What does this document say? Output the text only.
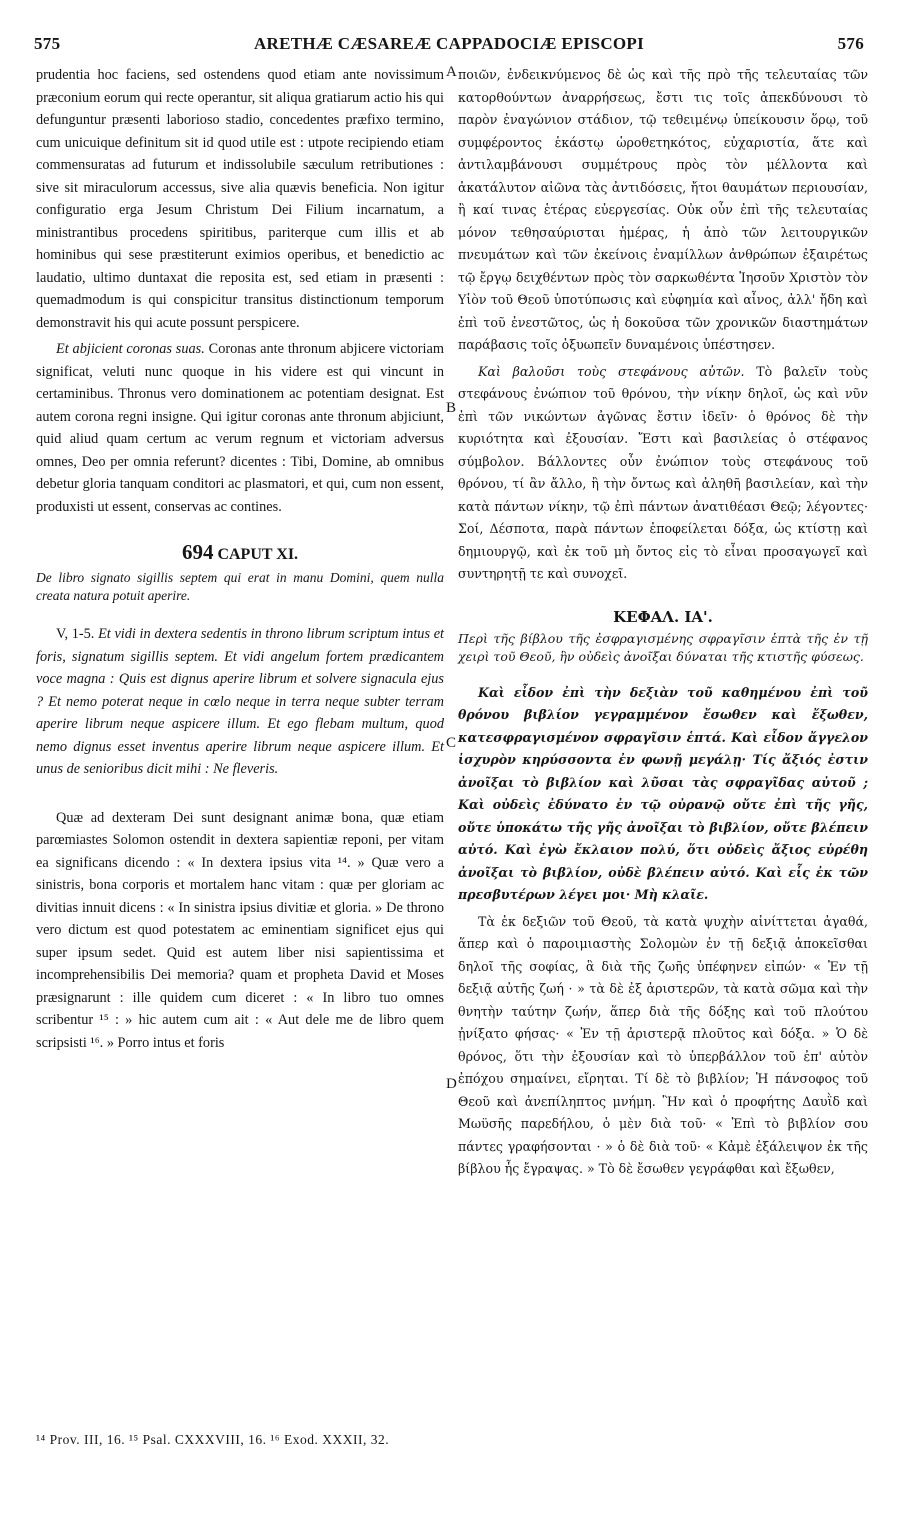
575	ARETHÆ CÆSAREÆ CAPPADOCIÆ EPISCOPI	576
A
B
C
D

prudentia hoc faciens, sed ostendens quod etiam ante novissimum præconium eorum qui recte operantur, sit aliqua gratiarum actio his qui defunguntur præsenti laborioso stadio, concedentes præfixo termino, cum unicuique definitum sit id quod utile est : utpote recipiendo etiam commensuratas ad futurum et indissolubile sæculum retributiones : sive sit miraculorum accessus, sive alia quævis beneficia. Non igitur configuratio erga Jesum Christum Dei Filium incarnatum, a ministrantibus procedens spiritibus, pariterque cum illis et ab hominibus qui sese præstiterunt eximios operibus, et benedictio ac laudatio, ultimo duntaxat die reposita est, sed etiam in præsenti : quemadmodum is qui conspicitur transitus distinctionum temporum demonstravit his qui acute possunt perspicere.

Et abjicient coronas suas. Coronas ante thronum abjicere victoriam significat, veluti nunc quoque in his videre est qui vincunt in certaminibus. Thronus vero dominationem ac potentiam designat. Est autem corona regni insigne. Qui igitur coronas ante thronum abjiciunt, quid aliud quam certum ac verum regnum et victoriam adversus omnes, Deo per omnia referunt? dicentes : Tibi, Domine, ab omnibus debetur gloria tanquam conditori ac plasmatori, et qui, cum non essent, produxisti ut essent, conservas ac contines.

694 CAPUT XI.

De libro signato sigillis septem qui erat in manu Domini, quem nulla creata natura potuit aperire.

V, 1-5. Et vidi in dextera sedentis in throno librum scriptum intus et foris, signatum sigillis septem. Et vidi angelum fortem prædicantem voce magna : Quis est dignus aperire librum et solvere signacula ejus ? Et nemo poterat neque in cœlo neque in terra neque subter terram aperire librum neque aspicere illum. Et ego flebam multum, quod nemo dignus esset inventus aperire librum neque aspicere illum. Et unus de senioribus dicit mihi : Ne fleveris.

Quæ ad dexteram Dei sunt designant animæ bona, quæ etiam parœmiastes Solomon ostendit in dextera sapientiæ reponi, per vitam ea significans dicendo : « In dextera ipsius vita ¹⁴. » Quæ vero a sinistris, bona corporis et mortalem hanc vitam : quæ per gloriam ac divitias innuit dicens : « In sinistra ipsius divitiæ et gloria. » De throno vero dictum est quod potestatem ac eminentiam significet ejus qui super ipsum sedet. Quid est autem liber nisi sapientissima et incomprehensibilis Dei memoria? quam et propheta David et Moses præsignarunt : ille quidem cum diceret : « In libro tuo omnes scribentur ¹⁵ : » hic autem cum ait : « Aut dele me de libro quem scripsisti ¹⁶. » Porro intus et foris

ποιῶν, ἐνδεικνύμενος δὲ ὡς καὶ τῆς πρὸ τῆς τελευταίας τῶν κατορθούντων ἀναρρήσεως, ἔστι τις τοῖς ἀπεκδύνουσι τὸ παρὸν ἐναγώνιον στάδιον, τῷ τεθειμένῳ ὑπείκουσιν ὅρῳ, τοῦ συμφέροντος ἑκάστῳ ὡροθετηκότος, εὐχαριστία, ἅτε καὶ ἀντιλαμβάνουσι συμμέτρους πρὸς τὸν μέλλοντα καὶ ἀκατάλυτον αἰῶνα τὰς ἀντιδόσεις, ἤτοι θαυμάτων περιουσίαν, ἢ καί τινας ἑτέρας εὐεργεσίας. Οὐκ οὖν ἐπὶ τῆς τελευταίας μόνον τεθησαύρισται ἡμέρας, ἡ ἀπὸ τῶν λειτουργικῶν πνευμάτων καὶ τῶν ἐκείνοις ἐναμίλλων ἀνθρώπων ἐξαιρέτως τῷ ἔργῳ δειχθέντων πρὸς τὸν σαρκωθέντα Ἰησοῦν Χριστὸν τὸν Υἱὸν τοῦ Θεοῦ ὑποτύπωσις καὶ εὐφημία καὶ αἶνος, ἀλλ' ἤδη καὶ ἐπὶ τοῦ ἐνεστῶτος, ὡς ἡ δοκοῦσα τῶν χρονικῶν διαστημάτων παράβασις τοῖς ὀξυωπεῖν δυναμένοις ὑπέστησεν.

Καὶ βαλοῦσι τοὺς στεφάνους αὐτῶν. Τὸ βαλεῖν τοὺς στεφάνους ἐνώπιον τοῦ θρόνου, τὴν νίκην δηλοῖ, ὡς καὶ νῦν ἐπὶ τῶν νικώντων ἀγῶνας ἔστιν ἰδεῖν· ὁ θρόνος δὲ τὴν κυριότητα καὶ ἐξουσίαν. Ἔστι καὶ βασιλείας ὁ στέφανος σύμβολον. Βάλλοντες οὖν ἐνώπιον τοὺς στεφάνους τοῦ θρόνου, τί ἂν ἄλλο, ἢ τὴν ὄντως καὶ ἀληθῆ βασιλείαν, καὶ τὴν κατὰ πάντων νίκην, τῷ ἐπὶ πάντων ἀνατιθέασι Θεῷ; λέγοντες· Σοί, Δέσποτα, παρὰ πάντων ἐποφείλεται δόξα, ὡς κτίστῃ καὶ δημιουργῷ, καὶ ἐκ τοῦ μὴ ὄντος εἰς τὸ εἶναι προσαγωγεῖ καὶ συντηρητῇ τε καὶ συνοχεῖ.

ΚΕΦΑΛ. ΙΑ'.

Περὶ τῆς βίβλου τῆς ἐσφραγισμένης σφραγῖσιν ἑπτὰ τῆς ἐν τῇ χειρὶ τοῦ Θεοῦ, ἣν οὐδεὶς ἀνοῖξαι δύναται τῆς κτιστῆς φύσεως.

Καὶ εἶδον ἐπὶ τὴν δεξιὰν τοῦ καθημένου ἐπὶ τοῦ θρόνου βιβλίον γεγραμμένον ἔσωθεν καὶ ἔξωθεν, κατεσφραγισμένον σφραγῖσιν ἑπτά. Καὶ εἶδον ἄγγελον ἰσχυρὸν κηρύσσοντα ἐν φωνῇ μεγάλῃ· Τίς ἄξιός ἐστιν ἀνοῖξαι τὸ βιβλίον καὶ λῦσαι τὰς σφραγῖδας αὐτοῦ ; Καὶ οὐδεὶς ἐδύνατο ἐν τῷ οὐρανῷ οὔτε ἐπὶ τῆς γῆς, οὔτε ὑποκάτω τῆς γῆς ἀνοῖξαι τὸ βιβλίον, οὔτε βλέπειν αὐτό. Καὶ ἐγὼ ἔκλαιον πολύ, ὅτι οὐδεὶς ἄξιος εὑρέθη ἀνοῖξαι τὸ βιβλίον, οὐδὲ βλέπειν αὐτό. Καὶ εἷς ἐκ τῶν πρεσβυτέρων λέγει μοι· Μὴ κλαῖε.

Τὰ ἐκ δεξιῶν τοῦ Θεοῦ, τὰ κατὰ ψυχὴν αἰνίττεται ἀγαθά, ἅπερ καὶ ὁ παροιμιαστὴς Σολομὼν ἐν τῇ δεξιᾷ ἀποκεῖσθαι δηλοῖ τῆς σοφίας, ἃ διὰ τῆς ζωῆς ὑπέφηνεν εἰπών· « Ἐν τῇ δεξιᾷ αὐτῆς ζωή · » τὰ δὲ ἐξ ἀριστερῶν, τὰ κατὰ σῶμα καὶ τὴν θνητὴν ταύτην ζωήν, ἅπερ διὰ τῆς δόξης καὶ τοῦ πλούτου ᾐνίξατο φήσας· « Ἐν τῇ ἀριστερᾷ πλοῦτος καὶ δόξα. » Ὁ δὲ θρόνος, ὅτι τὴν ἐξουσίαν καὶ τὸ ὑπερβάλλον τοῦ ἐπ' αὐτὸν ἐπόχου σημαίνει, εἴρηται. Τί δὲ τὸ βιβλίον; Ἡ πάνσοφος τοῦ Θεοῦ καὶ ἀνεπίληπτος μνήμη. Ἣν καὶ ὁ προφήτης Δαυῒδ καὶ Μωϋσῆς παρεδήλου, ὁ μὲν διὰ τοῦ· « Ἐπὶ τὸ βιβλίον σου πάντες γραφήσονται · » ὁ δὲ διὰ τοῦ· « Κἀμὲ ἐξάλειψον ἐκ τῆς βίβλου ἧς ἔγραψας. » Τὸ δὲ ἔσωθεν γεγράφθαι καὶ ἔξωθεν,

¹⁴ Prov. III, 16. ¹⁵ Psal. CXXXVIII, 16. ¹⁶ Exod. XXXII, 32.
